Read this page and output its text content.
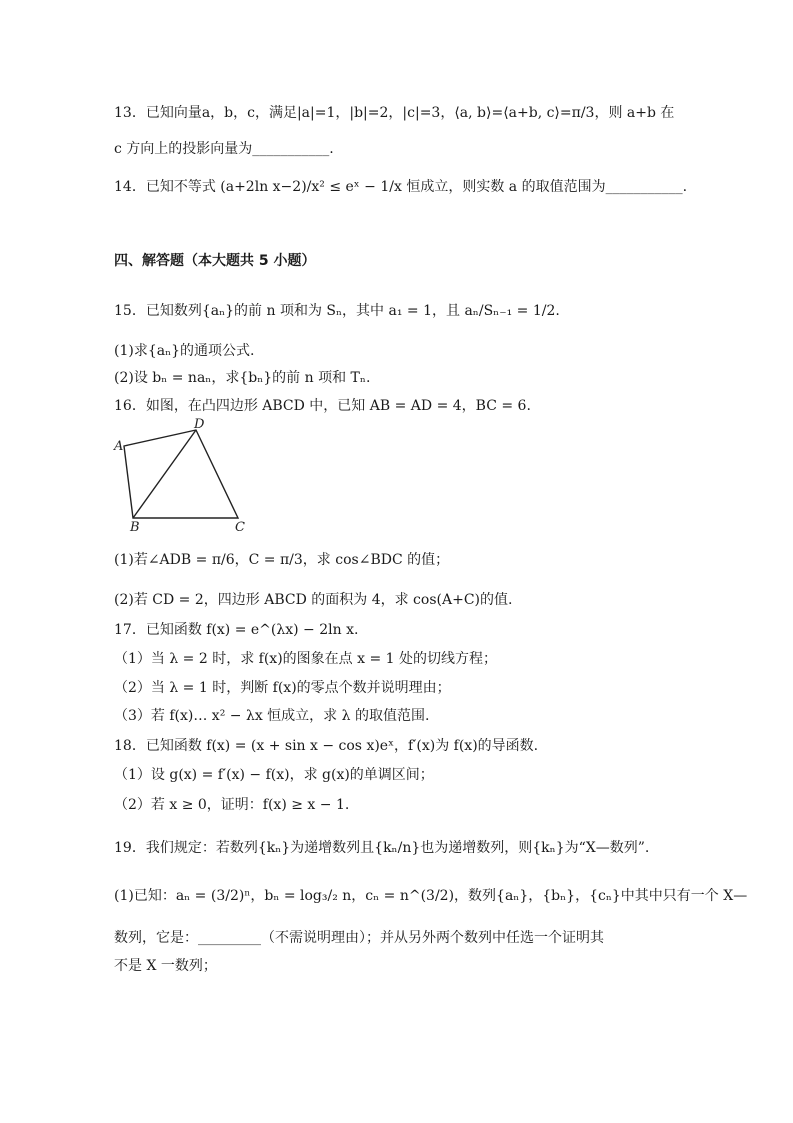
13．已知向量a，b，c，满足|a|=1，|b|=2，|c|=3，⟨a, b⟩=⟨a+b, c⟩=π/3，则 a+b 在
c 方向上的投影向量为___________.
14．已知不等式 (a+2ln x−2)/x² ≤ eˣ − 1/x 恒成立，则实数 a 的取值范围为___________.
四、解答题（本大题共 5 小题）
15．已知数列{aₙ}的前 n 项和为 Sₙ，其中 a₁ = 1，且 aₙ/Sₙ₋₁ = 1/2.
(1)求{aₙ}的通项公式.
(2)设 bₙ = naₙ，求{bₙ}的前 n 项和 Tₙ.
16．如图，在凸四边形 ABCD 中，已知 AB = AD = 4，BC = 6.
A
D
B	C
(1)若∠ADB = π/6，C = π/3，求 cos∠BDC 的值；
(2)若 CD = 2，四边形 ABCD 的面积为 4，求 cos(A+C)的值.
17．已知函数 f(x) = e^(λx) − 2ln x.
（1）当 λ = 2 时，求 f(x)的图象在点 x = 1 处的切线方程；
（2）当 λ = 1 时，判断 f(x)的零点个数并说明理由；
（3）若 f(x)… x² − λx 恒成立，求 λ 的取值范围.
18．已知函数 f(x) = (x + sin x − cos x)eˣ，f′(x)为 f(x)的导函数.
（1）设 g(x) = f′(x) − f(x)，求 g(x)的单调区间；
（2）若 x ≥ 0，证明：f(x) ≥ x − 1.
19．我们规定：若数列{kₙ}为递增数列且{kₙ/n}也为递增数列，则{kₙ}为“X—数列”.
(1)已知：aₙ = (3/2)ⁿ，bₙ = log₃/₂ n，cₙ = n^(3/2)，数列{aₙ}，{bₙ}，{cₙ}中其中只有一个 X—
数列，它是：_________（不需说明理由）；并从另外两个数列中任选一个证明其
不是 X 一数列；
